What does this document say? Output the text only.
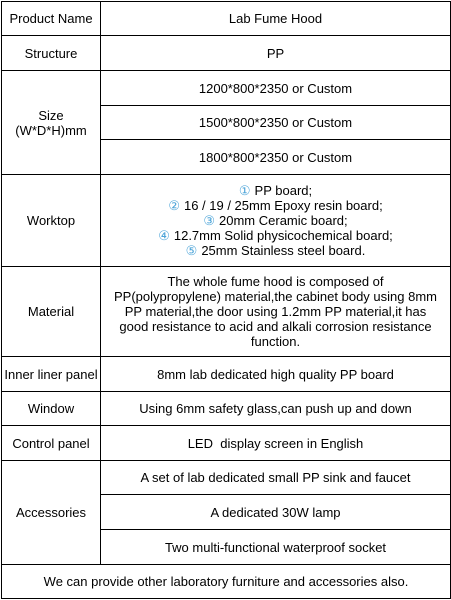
Product Name	Lab Fume Hood
Structure	PP
Size
(W*D*H)mm	1200*800*2350 or Custom
	1500*800*2350 or Custom
	1800*800*2350 or Custom
Worktop	① PP board;
② 16 / 19 / 25mm Epoxy resin board;
③ 20mm Ceramic board;
④ 12.7mm Solid physicochemical board;
⑤ 25mm Stainless steel board.

Material	The whole fume hood is composed of
PP(polypropylene) material,the cabinet body using 8mm
PP material,the door using 1.2mm PP material,it has
good resistance to acid and alkali corrosion resistance
function.

Inner liner panel	8mm lab dedicated high quality PP board
Window	Using 6mm safety glass,can push up and down
Control panel	LED  display screen in English
Accessories	A set of lab dedicated small PP sink and faucet
	A dedicated 30W lamp
	Two multi-functional waterproof socket
We can provide other laboratory furniture and accessories also.	
